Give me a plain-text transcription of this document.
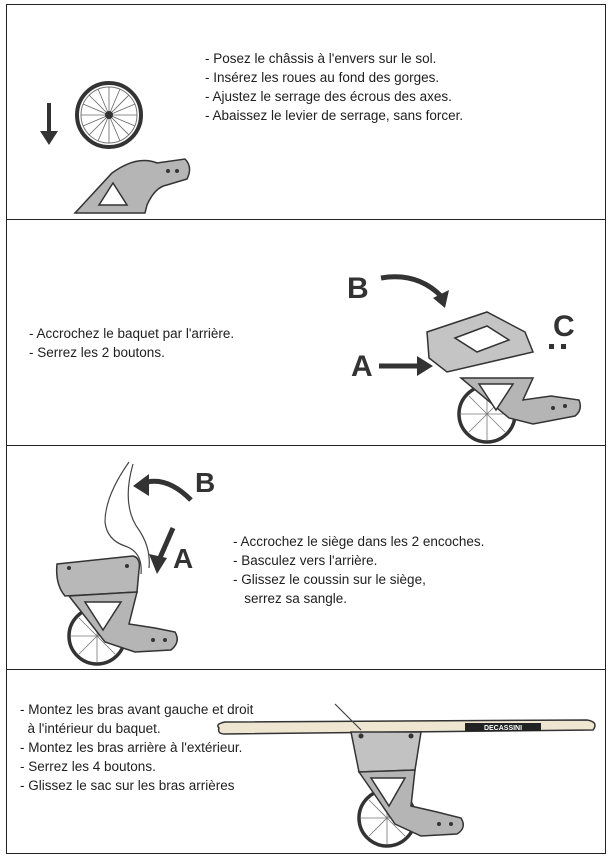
- Posez le châssis à l'envers sur le sol.
- Insérez les roues au fond des gorges.
- Ajustez le serrage des écrous des axes.
- Abaissez le levier de serrage, sans forcer.
- Accrochez le baquet par l'arrière.
- Serrez les 2 boutons.
B
C
A
B
A
- Accrochez le siège dans les 2 encoches.
- Basculez vers l'arrière.
- Glissez le coussin sur le siège,
serrez sa sangle.
- Montez les bras avant gauche et droit
à l'intérieur du baquet.
- Montez les bras arrière à l'extérieur.
- Serrez les 4 boutons.
- Glissez le sac sur les bras arrières
DECASSINI
